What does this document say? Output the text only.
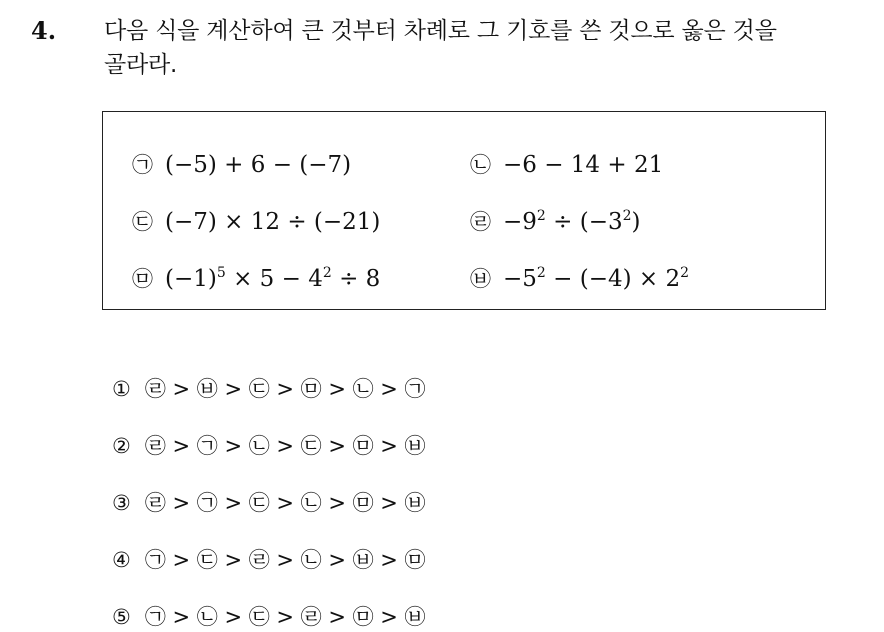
4. 다음 식을 계산하여 큰 것부터 차례로 그 기호를 쓴 것으로 옳은 것을
골라라.
㉠ (−5) + 6 − (−7)	㉡ −6 − 14 + 21
㉢ (−7) × 12 ÷ (−21)	㉣ $-9^2 \div (-3^2)$
㉤ $(-1)^5 \times 5 - 4^2 \div 8$	㉥ $-5^2 - (-4) \times 2^2$
① ㉣ > ㉥ > ㉢ > ㉤ > ㉡ > ㉠
② ㉣ > ㉠ > ㉡ > ㉢ > ㉤ > ㉥
③ ㉣ > ㉠ > ㉢ > ㉡ > ㉤ > ㉥
④ ㉠ > ㉢ > ㉣ > ㉡ > ㉥ > ㉤
⑤ ㉠ > ㉡ > ㉢ > ㉣ > ㉤ > ㉥
